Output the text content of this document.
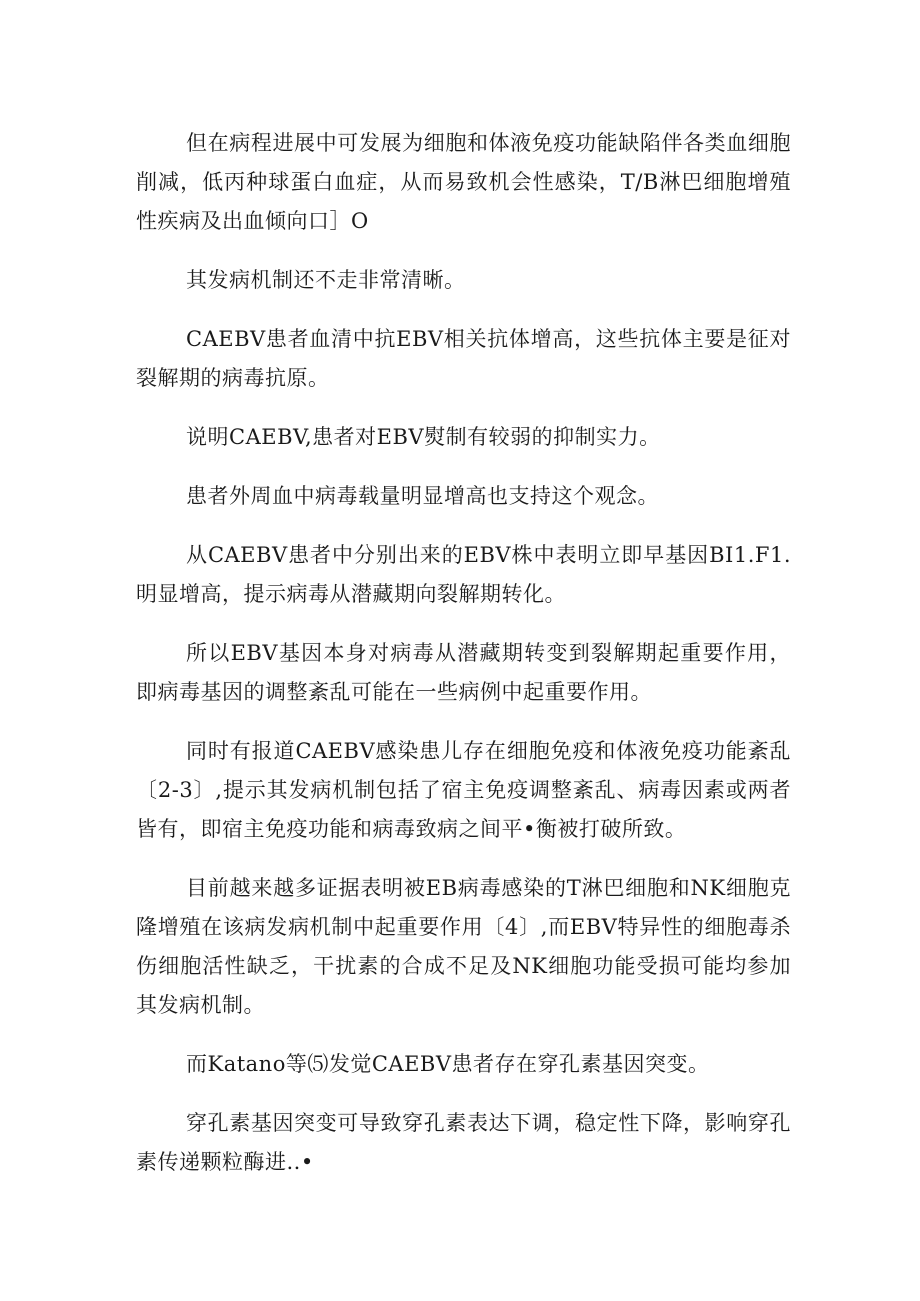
但在病程进展中可发展为细胞和体液免疫功能缺陷伴各类血细胞削减，低丙种球蛋白血症，从而易致机会性感染，T/B淋巴细胞增殖性疾病及出血倾向口］O

其发病机制还不走非常清晰。

CAEBV患者血清中抗EBV相关抗体增高，这些抗体主要是征对裂解期的病毒抗原。

说明CAEBV,患者对EBV熨制有较弱的抑制实力。

患者外周血中病毒载量明显增高也支持这个观念。

从CAEBV患者中分别出来的EBV株中表明立即早基因BI1.F1.明显增高，提示病毒从潜藏期向裂解期转化。

所以EBV基因本身对病毒从潜藏期转变到裂解期起重要作用，即病毒基因的调整紊乱可能在一些病例中起重要作用。

同时有报道CAEBV感染患儿存在细胞免疫和体液免疫功能紊乱〔2-3〕,提示其发病机制包括了宿主免疫调整紊乱、病毒因素或两者皆有，即宿主免疫功能和病毒致病之间平•衡被打破所致。

目前越来越多证据表明被EB病毒感染的T淋巴细胞和NK细胞克隆增殖在该病发病机制中起重要作用〔4〕,而EBV特异性的细胞毒杀伤细胞活性缺乏，干扰素的合成不足及NK细胞功能受损可能均参加其发病机制。

而Katano等⑸发觉CAEBV患者存在穿孔素基因突变。

穿孔素基因突变可导致穿孔素表达下调，稳定性下降，影响穿孔素传递颗粒酶进..•
